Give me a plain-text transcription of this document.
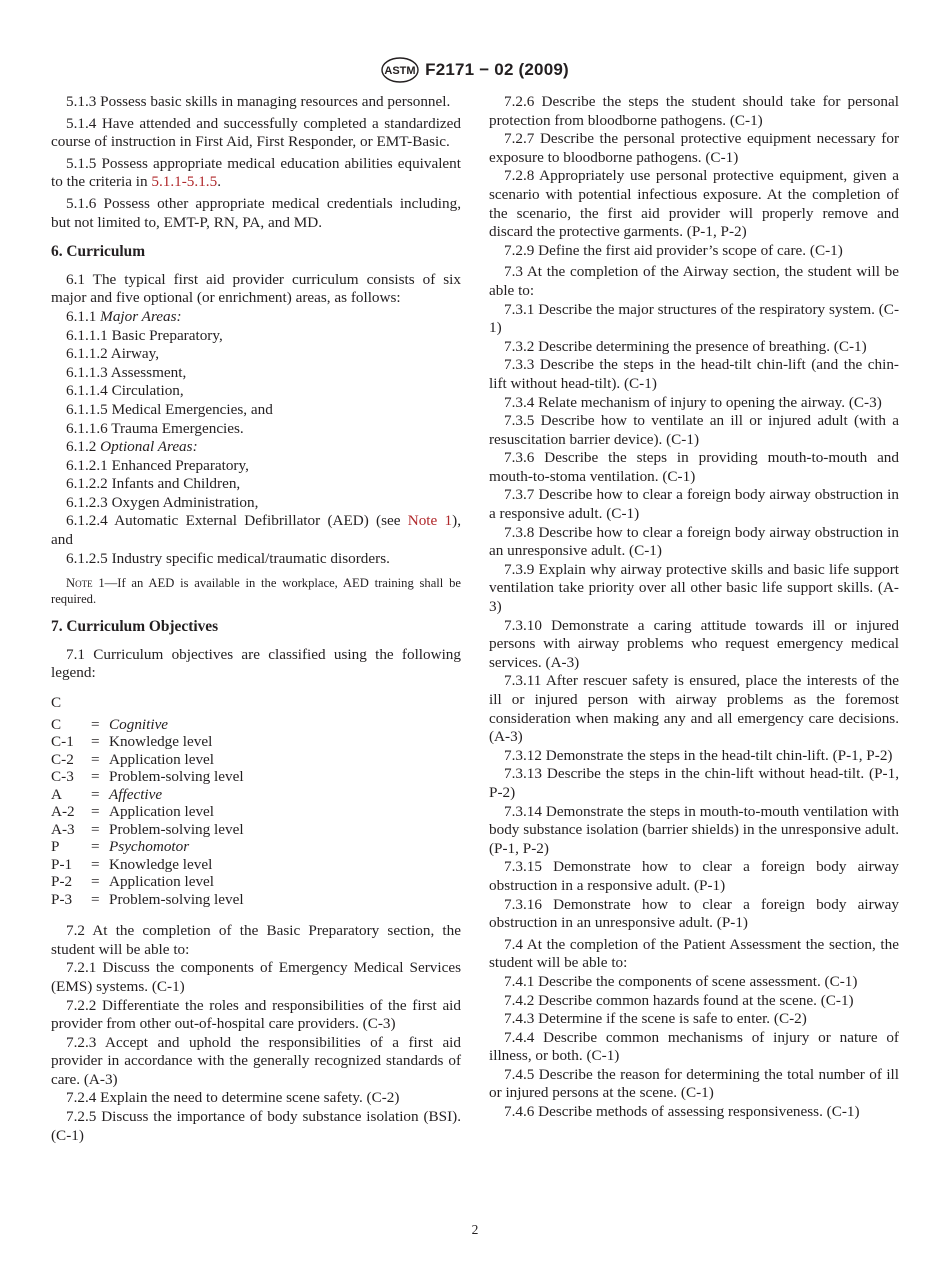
ASTM F2171 − 02 (2009)

5.1.3 Possess basic skills in managing resources and personnel.

5.1.4 Have attended and successfully completed a standardized course of instruction in First Aid, First Responder, or EMT-Basic.

5.1.5 Possess appropriate medical education abilities equivalent to the criteria in 5.1.1-5.1.5.

5.1.6 Possess other appropriate medical credentials including, but not limited to, EMT-P, RN, PA, and MD.

6. Curriculum

6.1 The typical first aid provider curriculum consists of six major and five optional (or enrichment) areas, as follows:

6.1.1 Major Areas:

6.1.1.1 Basic Preparatory,

6.1.1.2 Airway,

6.1.1.3 Assessment,

6.1.1.4 Circulation,

6.1.1.5 Medical Emergencies, and

6.1.1.6 Trauma Emergencies.

6.1.2 Optional Areas:

6.1.2.1 Enhanced Preparatory,

6.1.2.2 Infants and Children,

6.1.2.3 Oxygen Administration,

6.1.2.4 Automatic External Defibrillator (AED) (see Note 1), and

6.1.2.5 Industry specific medical/traumatic disorders.

Note 1—If an AED is available in the workplace, AED training shall be required.

7. Curriculum Objectives

7.1 Curriculum objectives are classified using the following legend:

C
C	= Cognitive
C-1	= Knowledge level
C-2	= Application level
C-3	= Problem-solving level
A	= Affective
A-2	= Application level
A-3	= Problem-solving level
P	= Psychomotor
P-1	= Knowledge level
P-2	= Application level
P-3	= Problem-solving level

7.2 At the completion of the Basic Preparatory section, the student will be able to:

7.2.1 Discuss the components of Emergency Medical Services (EMS) systems. (C-1)

7.2.2 Differentiate the roles and responsibilities of the first aid provider from other out-of-hospital care providers. (C-3)

7.2.3 Accept and uphold the responsibilities of a first aid provider in accordance with the generally recognized standards of care. (A-3)

7.2.4 Explain the need to determine scene safety. (C-2)

7.2.5 Discuss the importance of body substance isolation (BSI). (C-1)

7.2.6 Describe the steps the student should take for personal protection from bloodborne pathogens. (C-1)

7.2.7 Describe the personal protective equipment necessary for exposure to bloodborne pathogens. (C-1)

7.2.8 Appropriately use personal protective equipment, given a scenario with potential infectious exposure. At the completion of the scenario, the first aid provider will properly remove and discard the protective garments. (P-1, P-2)

7.2.9 Define the first aid provider’s scope of care. (C-1)

7.3 At the completion of the Airway section, the student will be able to:

7.3.1 Describe the major structures of the respiratory system. (C-1)

7.3.2 Describe determining the presence of breathing. (C-1)

7.3.3 Describe the steps in the head-tilt chin-lift (and the chin-lift without head-tilt). (C-1)

7.3.4 Relate mechanism of injury to opening the airway. (C-3)

7.3.5 Describe how to ventilate an ill or injured adult (with a resuscitation barrier device). (C-1)

7.3.6 Describe the steps in providing mouth-to-mouth and mouth-to-stoma ventilation. (C-1)

7.3.7 Describe how to clear a foreign body airway obstruction in a responsive adult. (C-1)

7.3.8 Describe how to clear a foreign body airway obstruction in an unresponsive adult. (C-1)

7.3.9 Explain why airway protective skills and basic life support ventilation take priority over all other basic life support skills. (A-3)

7.3.10 Demonstrate a caring attitude towards ill or injured persons with airway problems who request emergency medical services. (A-3)

7.3.11 After rescuer safety is ensured, place the interests of the ill or injured person with airway problems as the foremost consideration when making any and all emergency care decisions. (A-3)

7.3.12 Demonstrate the steps in the head-tilt chin-lift. (P-1, P-2)

7.3.13 Describe the steps in the chin-lift without head-tilt. (P-1, P-2)

7.3.14 Demonstrate the steps in mouth-to-mouth ventilation with body substance isolation (barrier shields) in the unresponsive adult. (P-1, P-2)

7.3.15 Demonstrate how to clear a foreign body airway obstruction in a responsive adult. (P-1)

7.3.16 Demonstrate how to clear a foreign body airway obstruction in an unresponsive adult. (P-1)

7.4 At the completion of the Patient Assessment the section, the student will be able to:

7.4.1 Describe the components of scene assessment. (C-1)

7.4.2 Describe common hazards found at the scene. (C-1)

7.4.3 Determine if the scene is safe to enter. (C-2)

7.4.4 Describe common mechanisms of injury or nature of illness, or both. (C-1)

7.4.5 Describe the reason for determining the total number of ill or injured persons at the scene. (C-1)

7.4.6 Describe methods of assessing responsiveness. (C-1)

2
